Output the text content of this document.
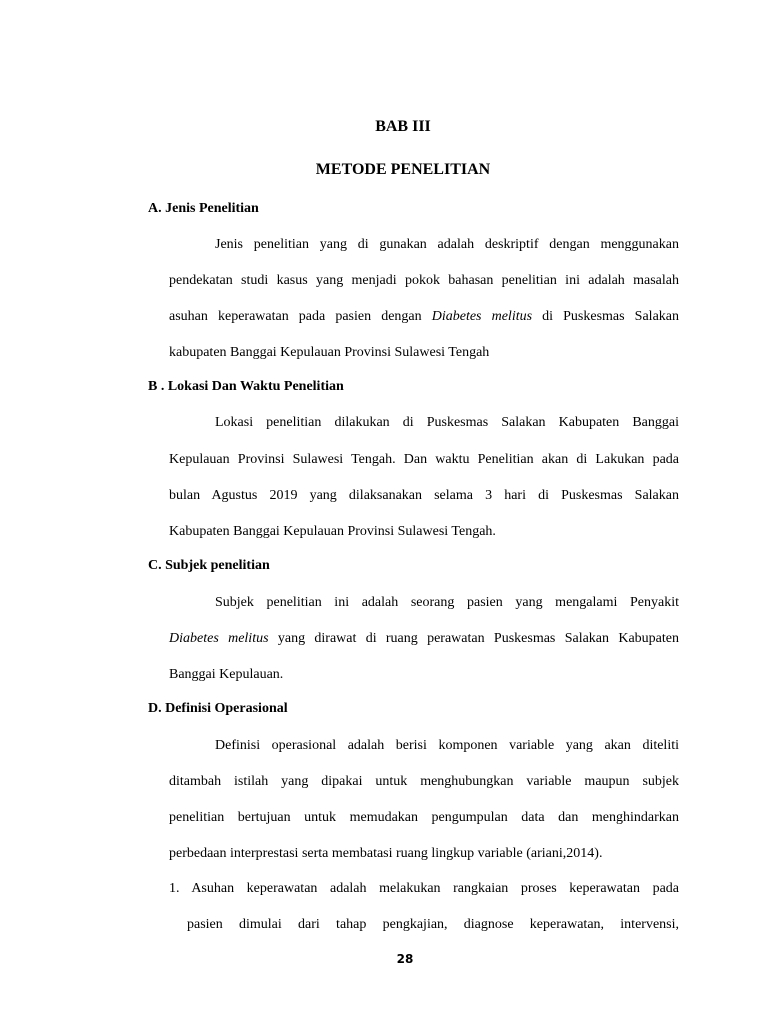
BAB III
METODE PENELITIAN
A. Jenis Penelitian
Jenis penelitian yang di gunakan adalah deskriptif dengan menggunakan
pendekatan studi kasus yang menjadi pokok bahasan penelitian ini adalah masalah
asuhan keperawatan pada pasien dengan Diabetes melitus di Puskesmas Salakan
kabupaten Banggai Kepulauan Provinsi Sulawesi Tengah
B . Lokasi Dan Waktu Penelitian
Lokasi penelitian dilakukan di Puskesmas Salakan Kabupaten Banggai
Kepulauan Provinsi Sulawesi Tengah. Dan waktu Penelitian akan di Lakukan pada
bulan Agustus 2019 yang dilaksanakan selama 3 hari di Puskesmas Salakan
Kabupaten Banggai Kepulauan Provinsi Sulawesi Tengah.
C. Subjek penelitian
Subjek penelitian ini adalah seorang pasien yang mengalami Penyakit
Diabetes melitus yang dirawat di ruang perawatan Puskesmas Salakan Kabupaten
Banggai Kepulauan.
D. Definisi Operasional
Definisi operasional adalah berisi komponen variable yang akan diteliti
ditambah istilah yang dipakai untuk menghubungkan variable maupun subjek
penelitian bertujuan untuk memudakan pengumpulan data dan menghindarkan
perbedaan interprestasi serta membatasi ruang lingkup variable (ariani,2014).
1. Asuhan keperawatan adalah melakukan rangkaian proses keperawatan pada
pasien dimulai dari tahap pengkajian, diagnose keperawatan, intervensi,
28
